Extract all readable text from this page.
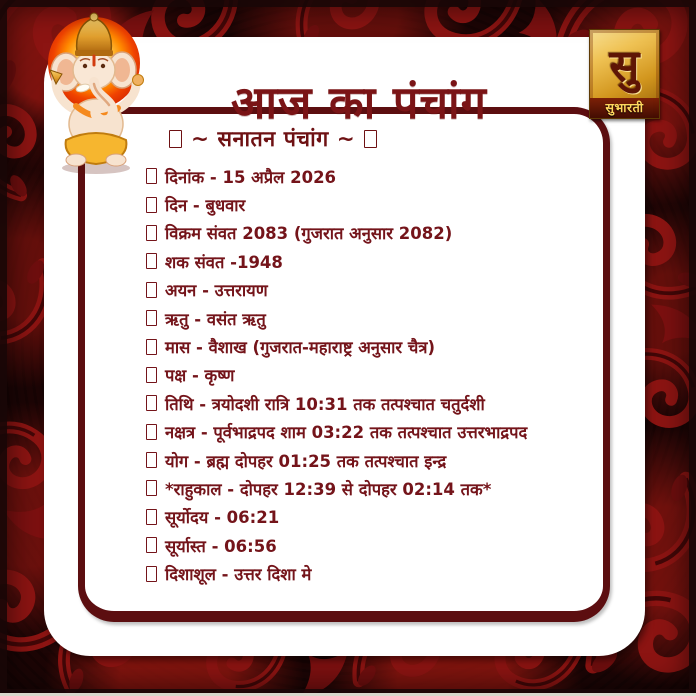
आज का पंचांग
सु
सुभारती
~ सनातन पंचांग ~
दिनांक - 15 अप्रैल 2026
दिन - बुधवार
विक्रम संवत 2083 (गुजरात अनुसार 2082)
शक संवत -1948
अयन - उत्तरायण
ऋतु - वसंत ऋतु
मास - वैशाख (गुजरात-महाराष्ट्र अनुसार चैत्र)
पक्ष - कृष्ण
तिथि - त्रयोदशी रात्रि 10:31 तक तत्पश्चात चतुर्दशी
नक्षत्र - पूर्वभाद्रपद शाम 03:22 तक तत्पश्चात उत्तरभाद्रपद
योग - ब्रह्म दोपहर 01:25 तक तत्पश्चात इन्द्र
*राहुकाल - दोपहर 12:39 से दोपहर 02:14 तक*
सूर्योदय - 06:21
सूर्यास्त - 06:56
दिशाशूल - उत्तर दिशा मे
